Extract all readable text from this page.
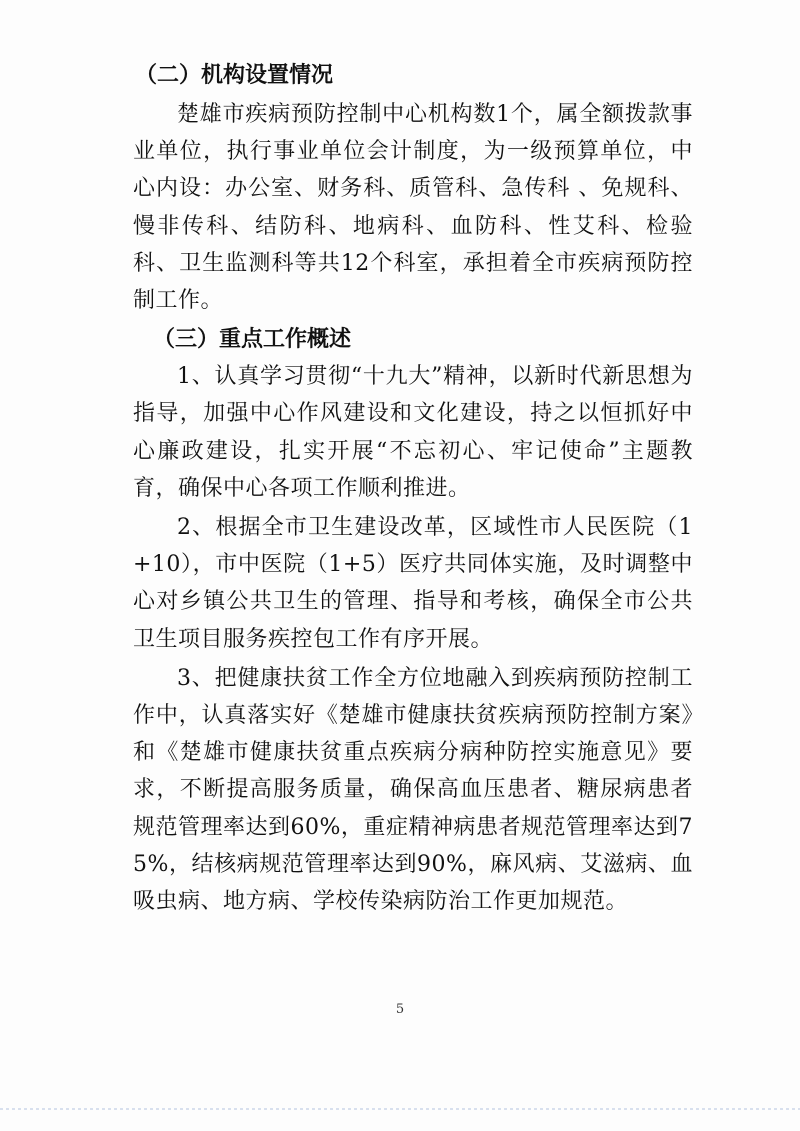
（二）机构设置情况

楚雄市疾病预防控制中心机构数1个，属全额拨款事业单位，执行事业单位会计制度，为一级预算单位，中心内设：办公室、财务科、质管科、急传科 、免规科、慢非传科、结防科、地病科、血防科、性艾科、检验科、卫生监测科等共12个科室，承担着全市疾病预防控制工作。

（三）重点工作概述

1、认真学习贯彻“十九大”精神，以新时代新思想为指导，加强中心作风建设和文化建设，持之以恒抓好中心廉政建设，扎实开展“不忘初心、牢记使命”主题教育，确保中心各项工作顺利推进。

2、根据全市卫生建设改革，区域性市人民医院（1+10），市中医院（1+5）医疗共同体实施，及时调整中心对乡镇公共卫生的管理、指导和考核，确保全市公共卫生项目服务疾控包工作有序开展。

3、把健康扶贫工作全方位地融入到疾病预防控制工作中，认真落实好《楚雄市健康扶贫疾病预防控制方案》和《楚雄市健康扶贫重点疾病分病种防控实施意见》要求，不断提高服务质量，确保高血压患者、糖尿病患者规范管理率达到60%，重症精神病患者规范管理率达到75%，结核病规范管理率达到90%，麻风病、艾滋病、血吸虫病、地方病、学校传染病防治工作更加规范。

5
